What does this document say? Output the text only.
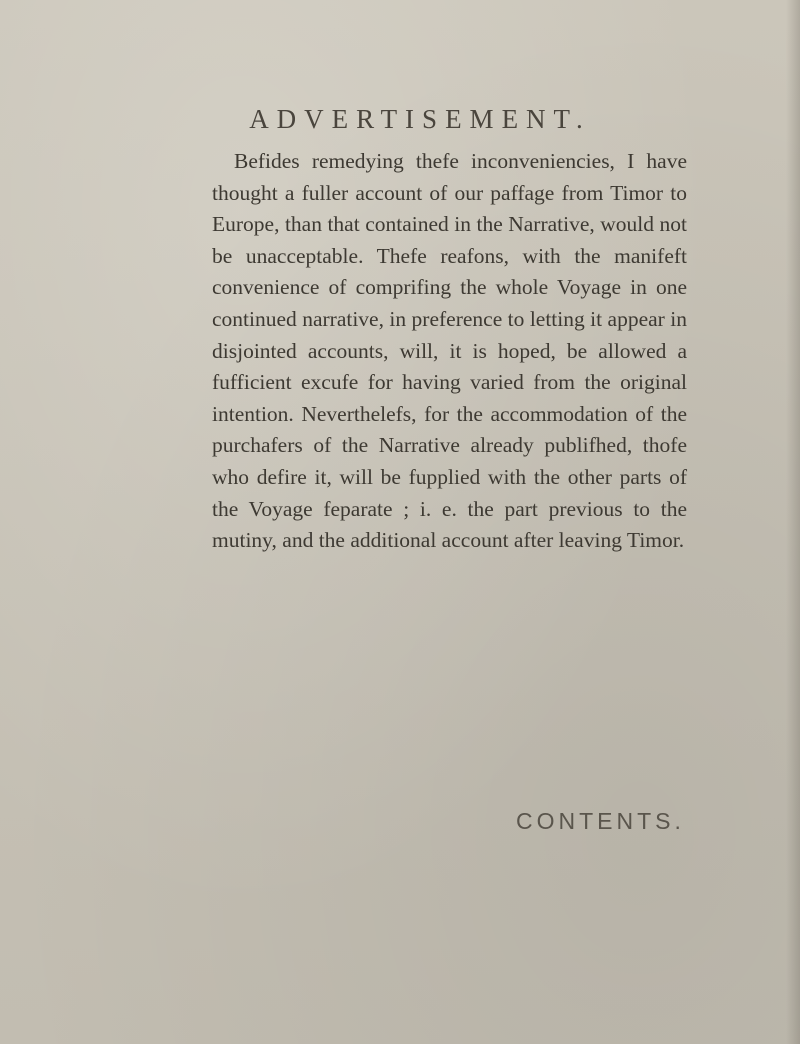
ADVERTISEMENT.

Befides remedying thefe inconveniencies, I have thought a fuller account of our paffage from Timor to Europe, than that contained in the Narrative, would not be unacceptable. Thefe reafons, with the manifeft convenience of comprifing the whole Voyage in one continued narrative, in preference to letting it appear in disjointed accounts, will, it is hoped, be allowed a fufficient excufe for having varied from the original intention. Neverthelefs, for the accommodation of the purchafers of the Narrative already publifhed, thofe who defire it, will be fupplied with the other parts of the Voyage feparate ; i. e. the part previous to the mutiny, and the additional account after leaving Timor.

CONTENTS.
